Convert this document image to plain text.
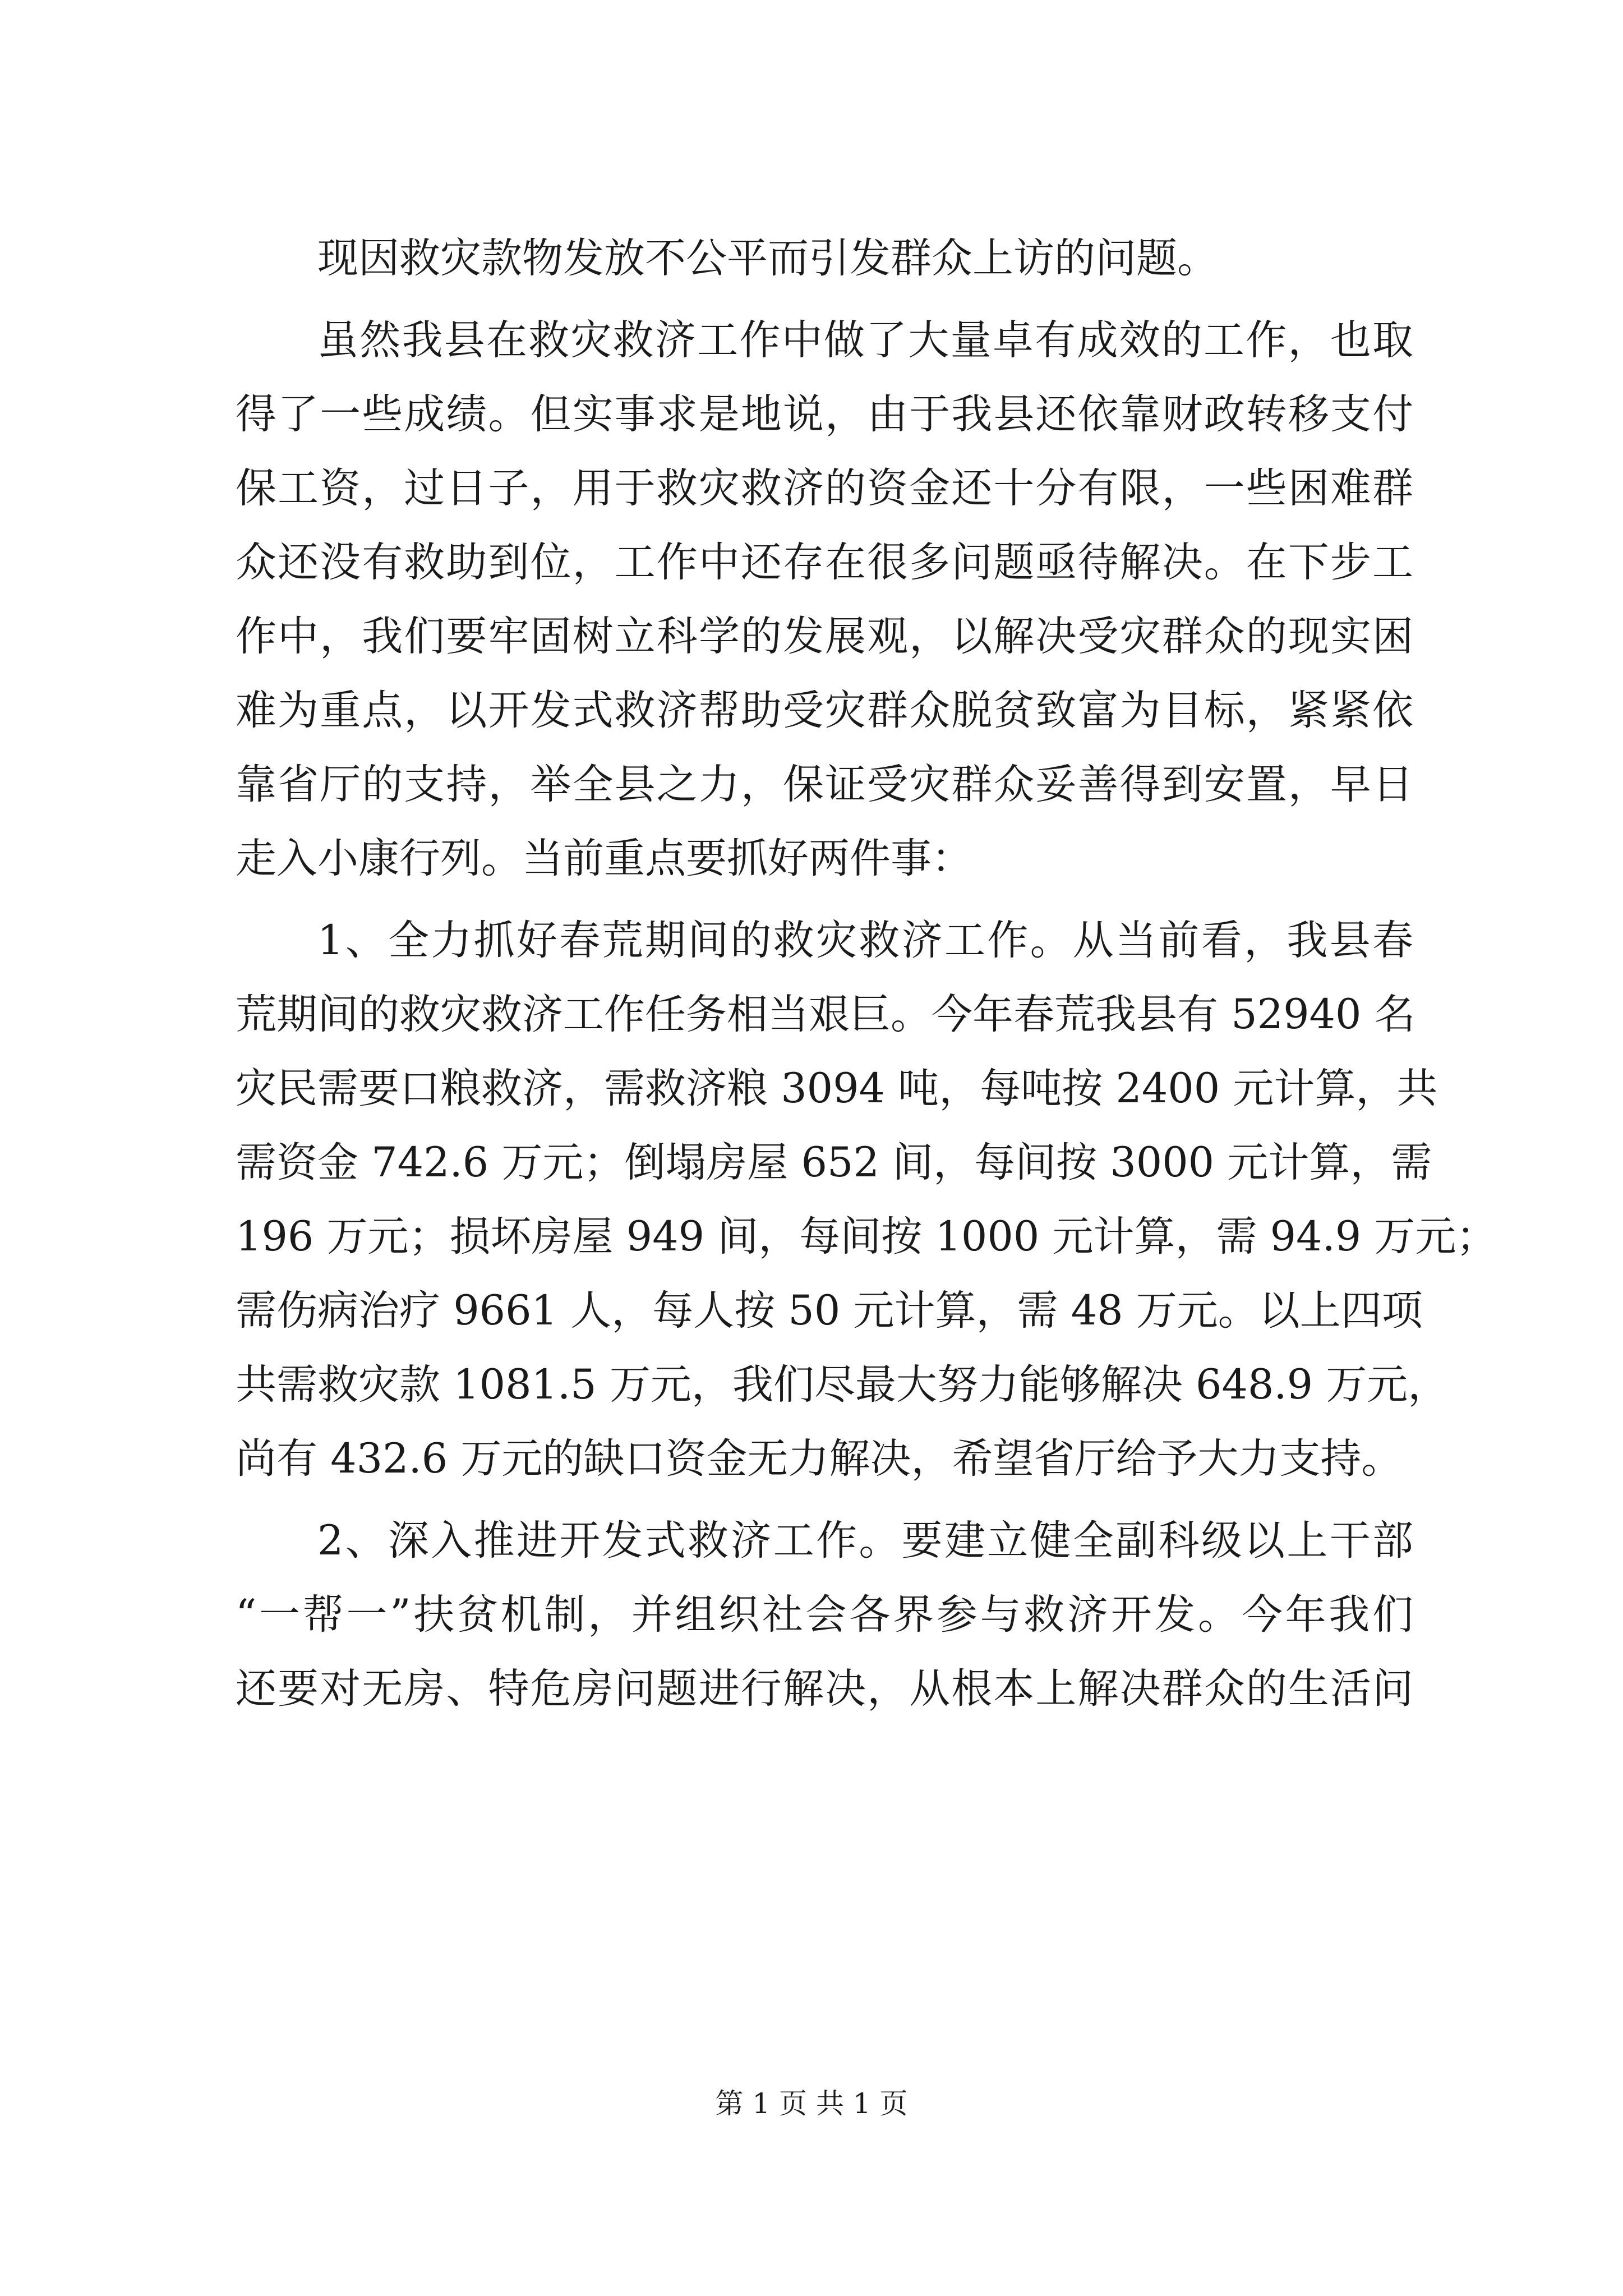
现因救灾款物发放不公平而引发群众上访的问题。
虽然我县在救灾救济工作中做了大量卓有成效的工作，也取
得了一些成绩。但实事求是地说，由于我县还依靠财政转移支付
保工资，过日子，用于救灾救济的资金还十分有限，一些困难群
众还没有救助到位，工作中还存在很多问题亟待解决。在下步工
作中，我们要牢固树立科学的发展观，以解决受灾群众的现实困
难为重点，以开发式救济帮助受灾群众脱贫致富为目标，紧紧依
靠省厅的支持，举全县之力，保证受灾群众妥善得到安置，早日
走入小康行列。当前重点要抓好两件事：
1、全力抓好春荒期间的救灾救济工作。从当前看，我县春
荒期间的救灾救济工作任务相当艰巨。今年春荒我县有 52940 名
灾民需要口粮救济，需救济粮 3094 吨，每吨按 2400 元计算，共
需资金 742.6 万元；倒塌房屋 652 间，每间按 3000 元计算，需
196 万元；损坏房屋 949 间，每间按 1000 元计算，需 94.9 万元；
需伤病治疗 9661 人，每人按 50 元计算，需 48 万元。以上四项
共需救灾款 1081.5 万元，我们尽最大努力能够解决 648.9 万元，
尚有 432.6 万元的缺口资金无力解决，希望省厅给予大力支持。
2、深入推进开发式救济工作。要建立健全副科级以上干部
“一帮一”扶贫机制，并组织社会各界参与救济开发。今年我们
还要对无房、特危房问题进行解决，从根本上解决群众的生活问
第 1 页 共 1 页
